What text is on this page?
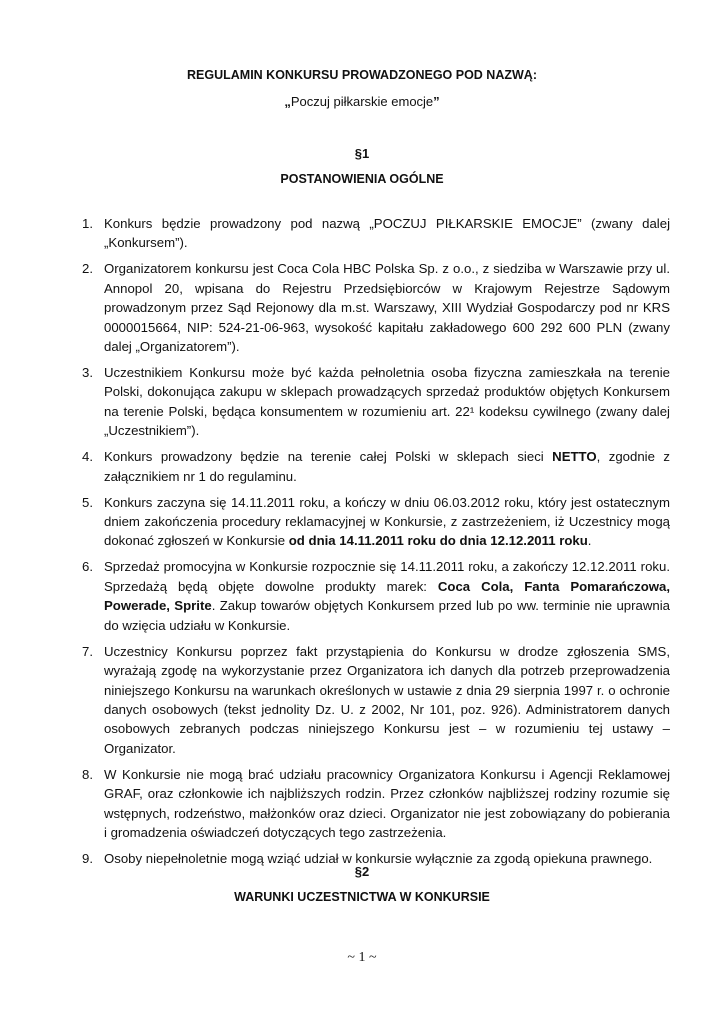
REGULAMIN KONKURSU PROWADZONEGO POD NAZWĄ:
„Poczuj piłkarskie emocje”
§1
POSTANOWIENIA OGÓLNE
1. Konkurs będzie prowadzony pod nazwą „POCZUJ PIŁKARSKIE EMOCJE” (zwany dalej „Konkursem”).
2. Organizatorem konkursu jest Coca Cola HBC Polska Sp. z o.o., z siedziba w Warszawie przy ul. Annopol 20, wpisana do Rejestru Przedsiębiorców w Krajowym Rejestrze Sądowym prowadzonym przez Sąd Rejonowy dla m.st. Warszawy, XIII Wydział Gospodarczy pod nr KRS 0000015664, NIP: 524-21-06-963, wysokość kapitału zakładowego 600 292 600 PLN (zwany dalej „Organizatorem”).
3. Uczestnikiem Konkursu może być każda pełnoletnia osoba fizyczna zamieszkała na terenie Polski, dokonująca zakupu w sklepach prowadzących sprzedaż produktów objętych Konkursem na terenie Polski, będąca konsumentem w rozumieniu art. 22¹ kodeksu cywilnego (zwany dalej „Uczestnikiem”).
4. Konkurs prowadzony będzie na terenie całej Polski w sklepach sieci NETTO, zgodnie z załącznikiem nr 1 do regulaminu.
5. Konkurs zaczyna się 14.11.2011 roku, a kończy w dniu 06.03.2012 roku, który jest ostatecznym dniem zakończenia procedury reklamacyjnej w Konkursie, z zastrzeżeniem, iż Uczestnicy mogą dokonać zgłoszeń w Konkursie od dnia 14.11.2011 roku do dnia 12.12.2011 roku.
6. Sprzedaż promocyjna w Konkursie rozpocznie się 14.11.2011 roku, a zakończy 12.12.2011 roku. Sprzedażą będą objęte dowolne produkty marek: Coca Cola, Fanta Pomarańczowa, Powerade, Sprite. Zakup towarów objętych Konkursem przed lub po ww. terminie nie uprawnia do wzięcia udziału w Konkursie.
7. Uczestnicy Konkursu poprzez fakt przystąpienia do Konkursu w drodze zgłoszenia SMS, wyrażają zgodę na wykorzystanie przez Organizatora ich danych dla potrzeb przeprowadzenia niniejszego Konkursu na warunkach określonych w ustawie z dnia 29 sierpnia 1997 r. o ochronie danych osobowych (tekst jednolity Dz. U. z 2002, Nr 101, poz. 926). Administratorem danych osobowych zebranych podczas niniejszego Konkursu jest – w rozumieniu tej ustawy – Organizator.
8. W Konkursie nie mogą brać udziału pracownicy Organizatora Konkursu i Agencji Reklamowej GRAF, oraz członkowie ich najbliższych rodzin. Przez członków najbliższej rodziny rozumie się wstępnych, rodzeństwo, małżonków oraz dzieci. Organizator nie jest zobowiązany do pobierania i gromadzenia oświadczeń dotyczących tego zastrzeżenia.
9. Osoby niepełnoletnie mogą wziąć udział w konkursie wyłącznie za zgodą opiekuna prawnego.
§2
WARUNKI UCZESTNICTWA W KONKURSIE
~ 1 ~
